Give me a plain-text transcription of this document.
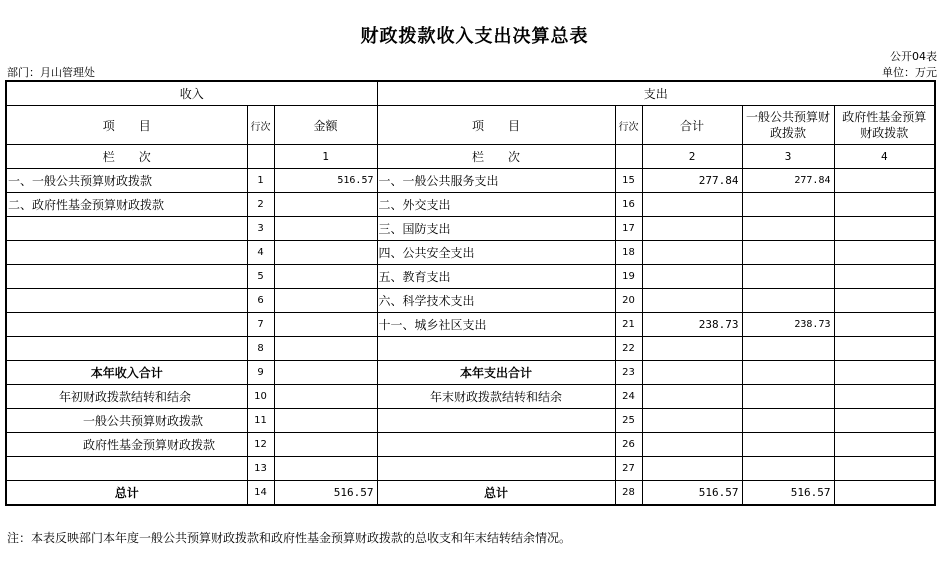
财政拨款收入支出决算总表
公开04表
部门：月山管理处	单位：万元
收入			支出				
项　　目	行次	金额	项　　目	行次	合计	一般公共预算财政拨款	政府性基金预算财政拨款
栏　　次		1	栏　　次		2	3	4
一、一般公共预算财政拨款	1	516.57	一、一般公共服务支出	15	277.84	277.84	
二、政府性基金预算财政拨款	2		二、外交支出	16			
	3		三、国防支出	17			
	4		四、公共安全支出	18			
	5		五、教育支出	19			
	6		六、科学技术支出	20			
	7		十一、城乡社区支出	21	238.73	238.73	
	8			22			
本年收入合计	9		本年支出合计	23			
年初财政拨款结转和结余	10		年末财政拨款结转和结余	24			
一般公共预算财政拨款	11			25			
政府性基金预算财政拨款	12			26			
	13			27			
总计	14	516.57	总计	28	516.57	516.57	
注：本表反映部门本年度一般公共预算财政拨款和政府性基金预算财政拨款的总收支和年末结转结余情况。
